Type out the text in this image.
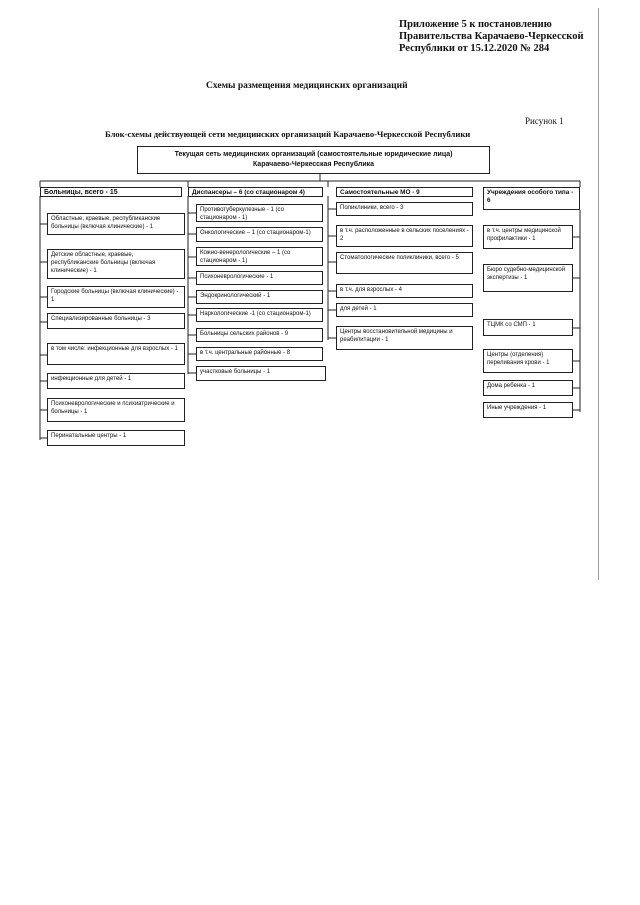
Приложение 5 к постановлению
Правительства Карачаево-Черкесской
Республики от 15.12.2020 № 284
Схемы размещения медицинских организаций
Рисунок 1
Блок-схемы действующей сети медицинских организаций Карачаево-Черкесской Республики
Текущая сеть медицинских организаций (самостоятельные юридические лица)
Карачаево-Черкесская Республика
Больницы, всего - 15
Областные, краевые, республиканские больницы (включая клинические) - 1
Детские областные, краевые, республиканские больницы (включая клинические) - 1
Городские больницы (включая клинические) - 1
Специализированные больницы - 3
в том числе: инфекционные для взрослых - 1
инфекционные для детей - 1
Психоневрологические и психиатрические и больницы - 1
Перинатальные центры - 1
Диспансеры – 6 (со стационаром 4)
Противотуберкулезные - 1 (со стационаром - 1)
Онкологические – 1 (со стационаром-1)
Кожно-венерологические – 1 (со стационаром - 1)
Психоневрологические - 1
Эндокринологический - 1
Наркологические -1 (со стационаром-1)
Больницы сельских районов - 9
в т.ч. центральные районные - 8
участковые больницы - 1
Самостоятельные МО - 9
Поликлиники, всего - 3
в т.ч. расположенные в сельских поселениях - 2
Стоматологические поликлиники, всего - 5
в т.ч. для взрослых - 4
для детей - 1
Центры восстановительной медицины и реабилитации - 1
Учреждения особого типа - 6
в т.ч. центры медицинской профилактики - 1
Бюро судебно-медицинской экспертизы - 1
ТЦМК со СМП - 1
Центры (отделения) переливания крови - 1
Дома ребенка - 1
Иные учреждения - 1
